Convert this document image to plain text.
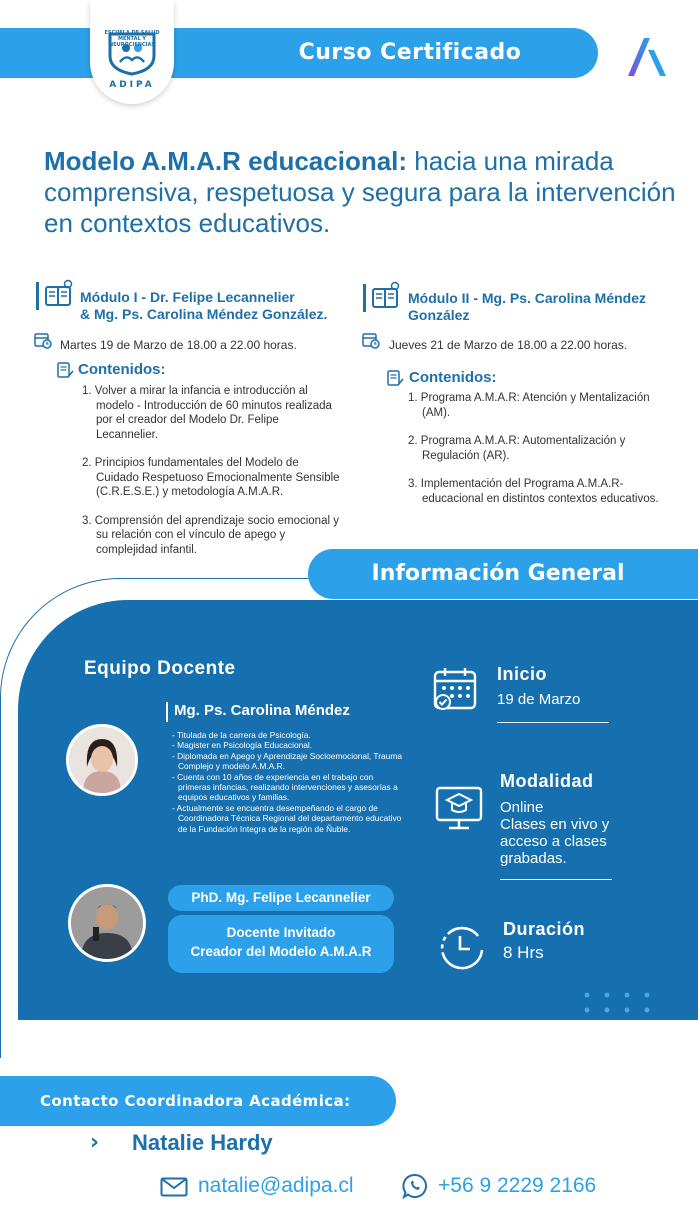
Curso Certificado
ESCUELA DE SALUD MENTAL Y NEUROCIENCIAS
ADIPA
Modelo A.M.A.R educacional: hacia una mirada comprensiva, respetuosa y segura para la intervención en contextos educativos.
Módulo I - Dr. Felipe Lecannelier
& Mg. Ps. Carolina Méndez González.
Martes 19 de Marzo de 18.00 a 22.00 horas.
Contenidos:
1. Volver a mirar la infancia e introducción al modelo - Introducción de 60 minutos realizada por el creador del Modelo Dr. Felipe Lecannelier.
2. Principios fundamentales del Modelo de Cuidado Respetuoso Emocionalmente Sensible (C.R.E.S.E.) y metodología A.M.A.R.
3. Comprensión del aprendizaje socio emocional y su relación con el vínculo de apego y complejidad infantil.
Módulo II - Mg. Ps. Carolina Méndez
González
Jueves 21 de Marzo de 18.00 a 22.00 horas.
Contenidos:
1. Programa A.M.A.R: Atención y Mentalización (AM).
2. Programa A.M.A.R: Automentalización y Regulación (AR).
3. Implementación del Programa A.M.A.R-educacional en distintos contextos educativos.
Información General
Equipo Docente
Mg. Ps. Carolina Méndez
- Titulada de la carrera de Psicología.
- Magister en Psicología Educacional.
- Diplomada en Apego y Aprendizaje Socioemocional, Trauma Complejo y modelo A.M.A.R.
- Cuenta con 10 años de experiencia en el trabajo con primeras infancias, realizando intervenciones y asesorías a equipos educativos y familias.
- Actualmente se encuentra desempeñando el cargo de Coordinadora Técnica Regional del departamento educativo de la Fundación Integra de la región de Ñuble.
PhD. Mg. Felipe Lecannelier
Docente Invitado
Creador del Modelo A.M.A.R
Inicio
19 de Marzo
Modalidad
Online
Clases en vivo y
acceso a clases
grabadas.
Duración
8 Hrs
Contacto Coordinadora Académica:
› Natalie Hardy
natalie@adipa.cl	+56 9 2229 2166
